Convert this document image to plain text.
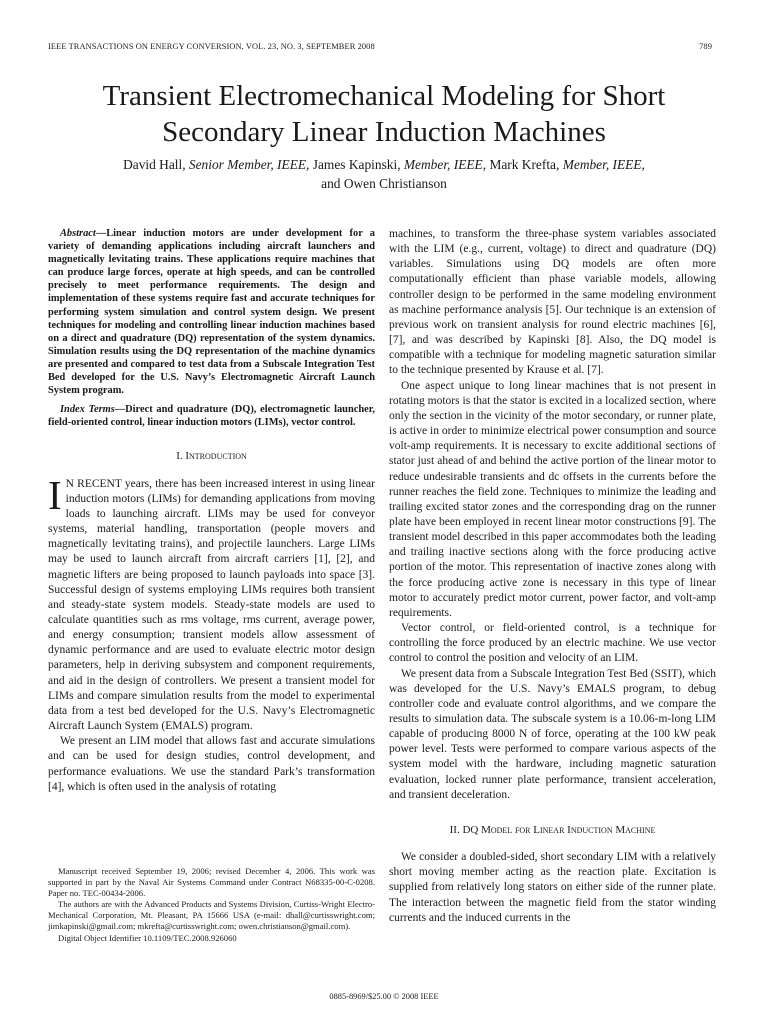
IEEE TRANSACTIONS ON ENERGY CONVERSION, VOL. 23, NO. 3, SEPTEMBER 2008	789
Transient Electromechanical Modeling for Short
Secondary Linear Induction Machines
David Hall, Senior Member, IEEE, James Kapinski, Member, IEEE, Mark Krefta, Member, IEEE,
and Owen Christianson

Abstract—Linear induction motors are under development for a variety of demanding applications including aircraft launchers and magnetically levitating trains. These applications require machines that can produce large forces, operate at high speeds, and can be controlled precisely to meet performance requirements. The design and implementation of these systems require fast and accurate techniques for performing system simulation and control system design. We present techniques for modeling and controlling linear induction machines based on a direct and quadrature (DQ) representation of the system dynamics. Simulation results using the DQ representation of the machine dynamics are presented and compared to test data from a Subscale Integration Test Bed developed for the U.S. Navy’s Electromagnetic Aircraft Launch System program.

Index Terms—Direct and quadrature (DQ), electromagnetic launcher, field-oriented control, linear induction motors (LIMs), vector control.

I. Introduction

I N RECENT years, there has been increased interest in using linear induction motors (LIMs) for demanding applications from moving loads to launching aircraft. LIMs may be used for conveyor systems, material handling, transportation (people movers and magnetically levitating trains), and projectile launchers. Large LIMs may be used to launch aircraft from aircraft carriers [1], [2], and magnetic lifters are being proposed to launch payloads into space [3]. Successful design of systems employing LIMs requires both transient and steady-state system models. Steady-state models are used to calculate quantities such as rms voltage, rms current, average power, and energy consumption; transient models allow assessment of dynamic performance and are used to evaluate electric motor design parameters, help in deriving subsystem and component requirements, and aid in the design of controllers. We present a transient model for LIMs and compare simulation results from the model to experimental data from a test bed developed for the U.S. Navy’s Electromagnetic Aircraft Launch System (EMALS) program.

We present an LIM model that allows fast and accurate simulations and can be used for design studies, control development, and performance evaluations. We use the standard Park’s transformation [4], which is often used in the analysis of rotating

machines, to transform the three-phase system variables associated with the LIM (e.g., current, voltage) to direct and quadrature (DQ) variables. Simulations using DQ models are often more computationally efficient than phase variable models, allowing controller design to be performed in the same modeling environment as machine performance analysis [5]. Our technique is an extension of previous work on transient analysis for round electric machines [6], [7], and was described by Kapinski [8]. Also, the DQ model is compatible with a technique for modeling magnetic saturation similar to the technique presented by Krause et al. [7].

One aspect unique to long linear machines that is not present in rotating motors is that the stator is excited in a localized section, where only the section in the vicinity of the motor secondary, or runner plate, is active in order to minimize electrical power consumption and source volt-amp requirements. It is necessary to excite additional sections of stator just ahead of and behind the active portion of the linear motor to reduce undesirable transients and dc offsets in the currents before the runner reaches the field zone. Techniques to minimize the leading and trailing excited stator zones and the corresponding drag on the runner plate have been employed in recent linear motor constructions [9]. The transient model described in this paper accommodates both the leading and trailing inactive sections along with the force producing active portion of the motor. This representation of inactive zones along with the force producing active zone is necessary in this type of linear motor to accurately predict motor current, power factor, and volt-amp requirements.

Vector control, or field-oriented control, is a technique for controlling the force produced by an electric machine. We use vector control to control the position and velocity of an LIM.

We present data from a Subscale Integration Test Bed (SSIT), which was developed for the U.S. Navy’s EMALS program, to debug controller code and evaluate control algorithms, and we compare the results to simulation data. The subscale system is a 10.06-m-long LIM capable of producing 8000 N of force, operating at the 100 kW peak power level. Tests were performed to compare various aspects of the system model with the hardware, including magnetic saturation evaluation, locked runner plate performance, transient acceleration, and transient deceleration.

II. DQ Model for Linear Induction Machine

We consider a doubled-sided, short secondary LIM with a relatively short moving member acting as the reaction plate. Excitation is supplied from relatively long stators on either side of the runner plate. The interaction between the magnetic field from the stator winding currents and the induced currents in the

Manuscript received September 19, 2006; revised December 4, 2006. This work was supported in part by the Naval Air Systems Command under Contract N68335-00-C-0208. Paper no. TEC-00434-2006.

The authors are with the Advanced Products and Systems Division, Curtiss-Wright Electro-Mechanical Corporation, Mt. Pleasant, PA 15666 USA (e-mail: dhall@curtisswright.com; jimkapinski@gmail.com; mkrefta@curtisswright.com; owen.christianson@gmail.com).

Digital Object Identifier 10.1109/TEC.2008.926060

0885-8969/$25.00 © 2008 IEEE
